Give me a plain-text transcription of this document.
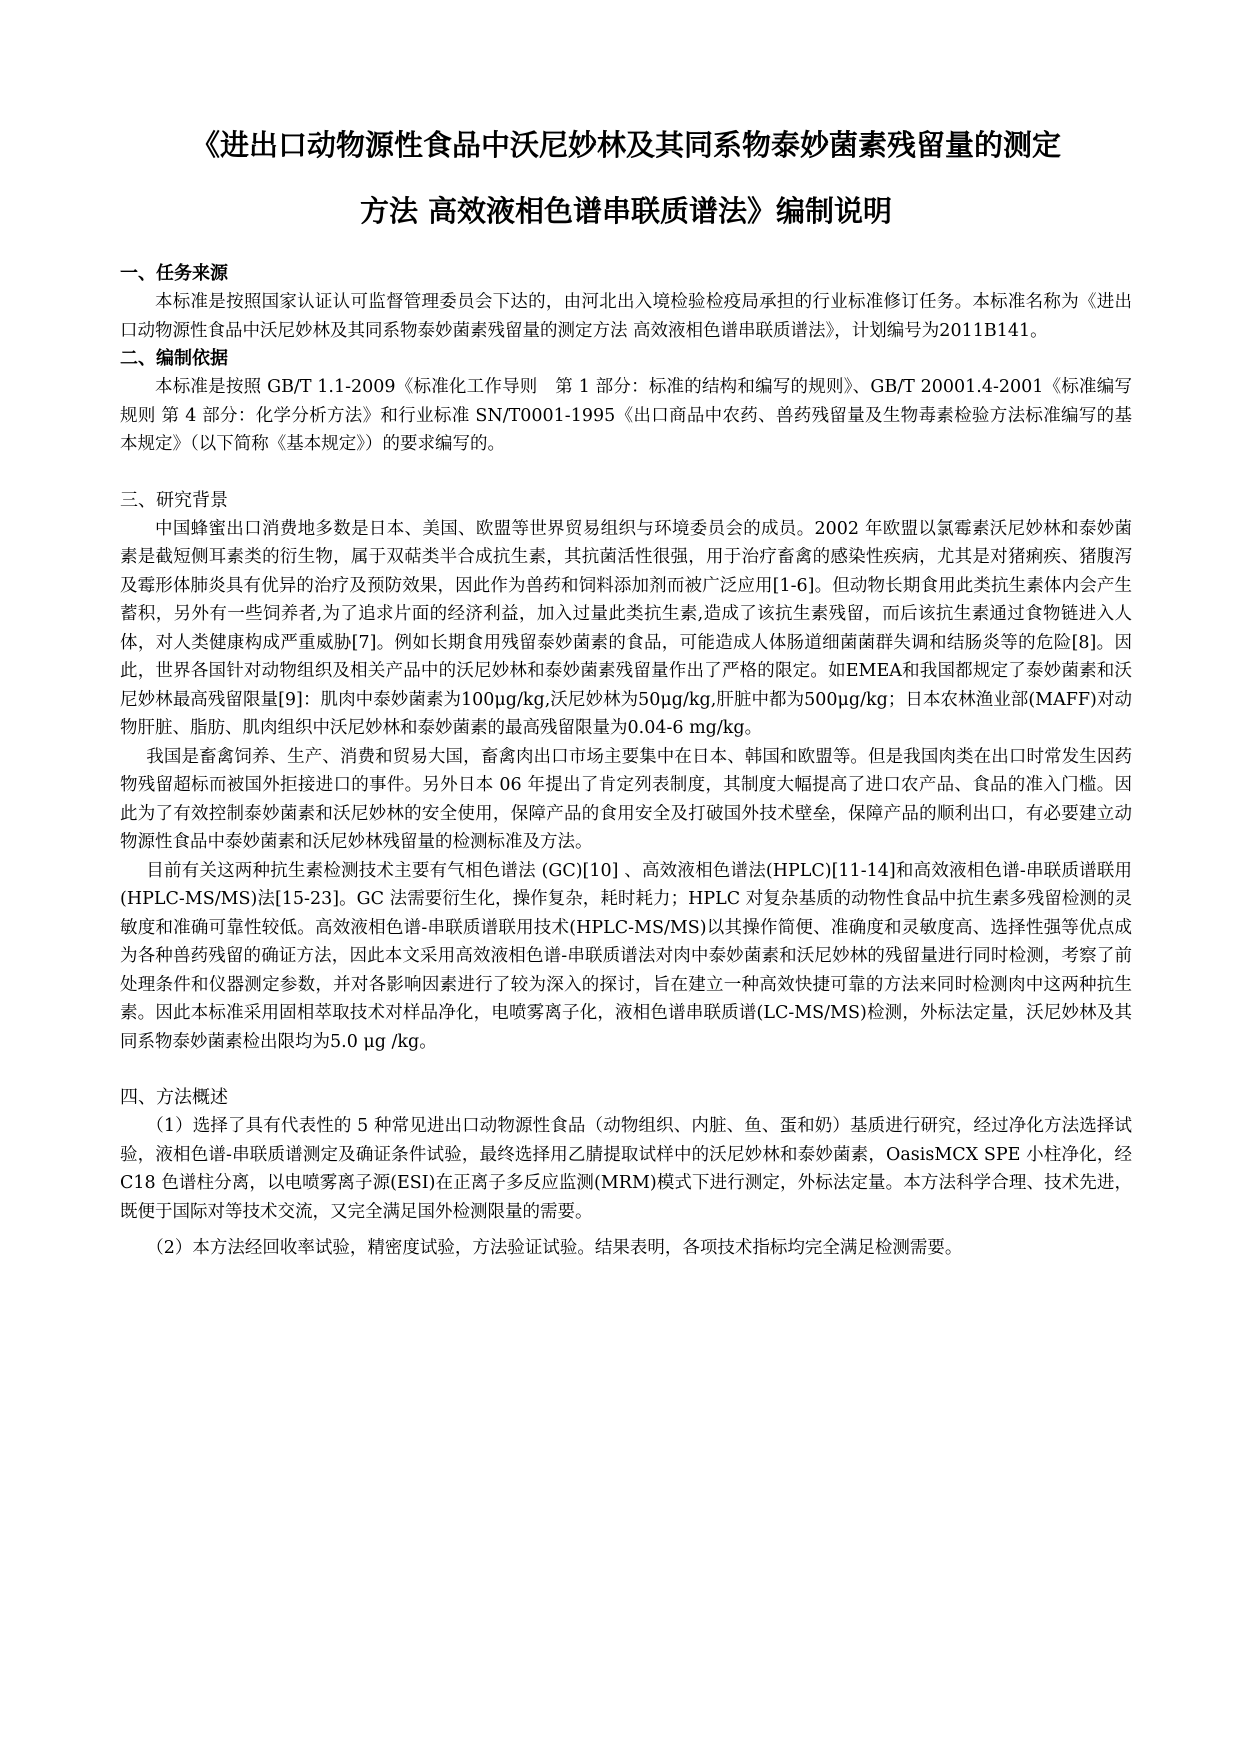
《进出口动物源性食品中沃尼妙林及其同系物泰妙菌素残留量的测定
方法 高效液相色谱串联质谱法》编制说明
一、任务来源

本标准是按照国家认证认可监督管理委员会下达的，由河北出入境检验检疫局承担的行业标准修订任务。本标准名称为《进出口动物源性食品中沃尼妙林及其同系物泰妙菌素残留量的测定方法 高效液相色谱串联质谱法》，计划编号为2011B141。

二、编制依据

本标准是按照 GB/T 1.1-2009《标准化工作导则　第 1 部分：标准的结构和编写的规则》、GB/T 20001.4-2001《标准编写规则 第 4 部分：化学分析方法》和行业标准 SN/T0001-1995《出口商品中农药、兽药残留量及生物毒素检验方法标准编写的基本规定》（以下简称《基本规定》）的要求编写的。

三、研究背景

中国蜂蜜出口消费地多数是日本、美国、欧盟等世界贸易组织与环境委员会的成员。2002 年欧盟以氯霉素沃尼妙林和泰妙菌素是截短侧耳素类的衍生物，属于双萜类半合成抗生素，其抗菌活性很强，用于治疗畜禽的感染性疾病，尤其是对猪痢疾、猪腹泻及霉形体肺炎具有优异的治疗及预防效果，因此作为兽药和饲料添加剂而被广泛应用[1-6]。但动物长期食用此类抗生素体内会产生蓄积，另外有一些饲养者,为了追求片面的经济利益，加入过量此类抗生素,造成了该抗生素残留，而后该抗生素通过食物链进入人体，对人类健康构成严重威胁[7]。例如长期食用残留泰妙菌素的食品，可能造成人体肠道细菌菌群失调和结肠炎等的危险[8]。因此，世界各国针对动物组织及相关产品中的沃尼妙林和泰妙菌素残留量作出了严格的限定。如EMEA和我国都规定了泰妙菌素和沃尼妙林最高残留限量[9]：肌肉中泰妙菌素为100μg/kg,沃尼妙林为50μg/kg,肝脏中都为500μg/kg；日本农林渔业部(MAFF)对动物肝脏、脂肪、肌肉组织中沃尼妙林和泰妙菌素的最高残留限量为0.04-6 mg/kg。

我国是畜禽饲养、生产、消费和贸易大国，畜禽肉出口市场主要集中在日本、韩国和欧盟等。但是我国肉类在出口时常发生因药物残留超标而被国外拒接进口的事件。另外日本 06 年提出了肯定列表制度，其制度大幅提高了进口农产品、食品的准入门槛。因此为了有效控制泰妙菌素和沃尼妙林的安全使用，保障产品的食用安全及打破国外技术壁垒，保障产品的顺利出口，有必要建立动物源性食品中泰妙菌素和沃尼妙林残留量的检测标准及方法。

目前有关这两种抗生素检测技术主要有气相色谱法 (GC)[10] 、高效液相色谱法(HPLC)[11-14]和高效液相色谱-串联质谱联用(HPLC-MS/MS)法[15-23]。GC 法需要衍生化，操作复杂，耗时耗力；HPLC 对复杂基质的动物性食品中抗生素多残留检测的灵敏度和准确可靠性较低。高效液相色谱-串联质谱联用技术(HPLC-MS/MS)以其操作简便、准确度和灵敏度高、选择性强等优点成为各种兽药残留的确证方法，因此本文采用高效液相色谱-串联质谱法对肉中泰妙菌素和沃尼妙林的残留量进行同时检测，考察了前处理条件和仪器测定参数，并对各影响因素进行了较为深入的探讨，旨在建立一种高效快捷可靠的方法来同时检测肉中这两种抗生素。因此本标准采用固相萃取技术对样品净化，电喷雾离子化，液相色谱串联质谱(LC-MS/MS)检测，外标法定量，沃尼妙林及其同系物泰妙菌素检出限均为5.0 μg /kg。

四、方法概述

（1）选择了具有代表性的 5 种常见进出口动物源性食品（动物组织、内脏、鱼、蛋和奶）基质进行研究，经过净化方法选择试验，液相色谱-串联质谱测定及确证条件试验，最终选择用乙腈提取试样中的沃尼妙林和泰妙菌素，OasisMCX SPE 小柱净化，经 C18 色谱柱分离，以电喷雾离子源(ESI)在正离子多反应监测(MRM)模式下进行测定，外标法定量。本方法科学合理、技术先进，既便于国际对等技术交流，又完全满足国外检测限量的需要。

（2）本方法经回收率试验，精密度试验，方法验证试验。结果表明，各项技术指标均完全满足检测需要。
